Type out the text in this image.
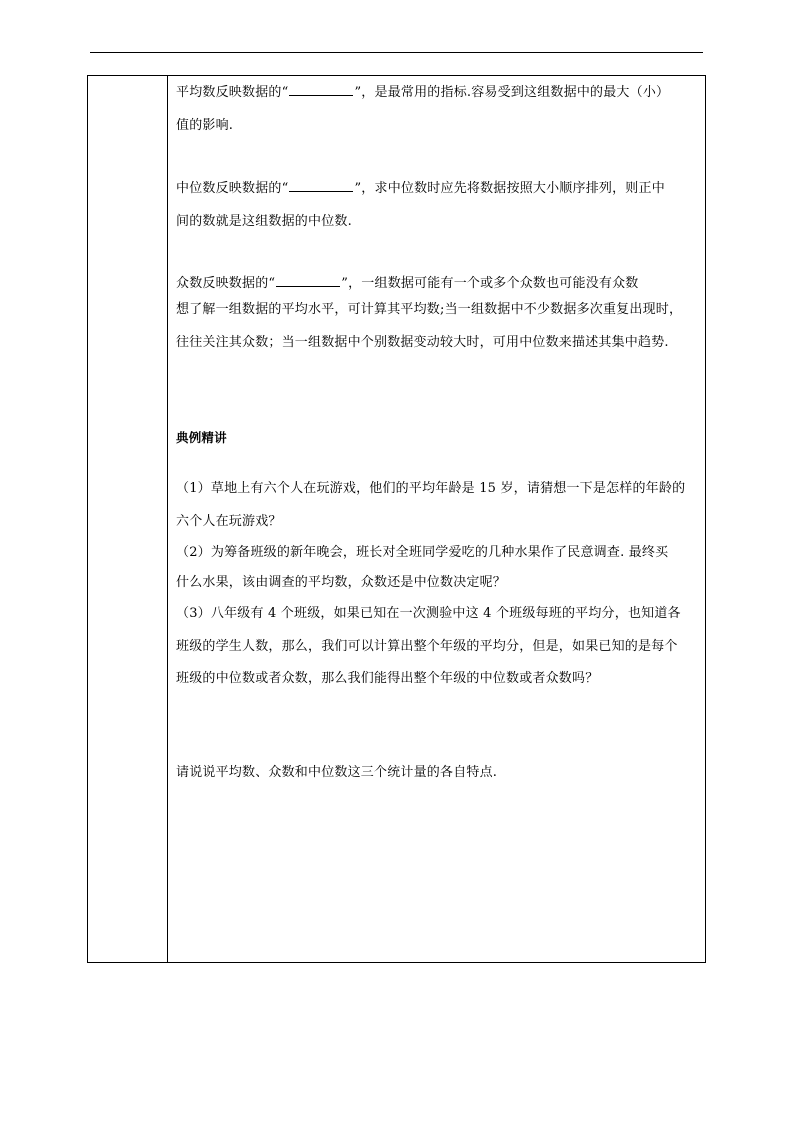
平均数反映数据的“	”，是最常用的指标.容易受到这组数据中的最大（小）

值的影响.

中位数反映数据的“	”，求中位数时应先将数据按照大小顺序排列，则正中

间的数就是这组数据的中位数.

众数反映数据的“	”，一组数据可能有一个或多个众数也可能没有众数

想了解一组数据的平均水平，可计算其平均数;当一组数据中不少数据多次重复出现时，

往往关注其众数；当一组数据中个别数据变动较大时，可用中位数来描述其集中趋势.

典例精讲

（1）草地上有六个人在玩游戏，他们的平均年龄是 15 岁，请猜想一下是怎样的年龄的

六个人在玩游戏？

（2）为筹备班级的新年晚会，班长对全班同学爱吃的几种水果作了民意调查. 最终买

什么水果，该由调查的平均数，众数还是中位数决定呢？

（3）八年级有 4 个班级，如果已知在一次测验中这 4 个班级每班的平均分，也知道各

班级的学生人数，那么，我们可以计算出整个年级的平均分，但是，如果已知的是每个

班级的中位数或者众数，那么我们能得出整个年级的中位数或者众数吗？

请说说平均数、众数和中位数这三个统计量的各自特点.
